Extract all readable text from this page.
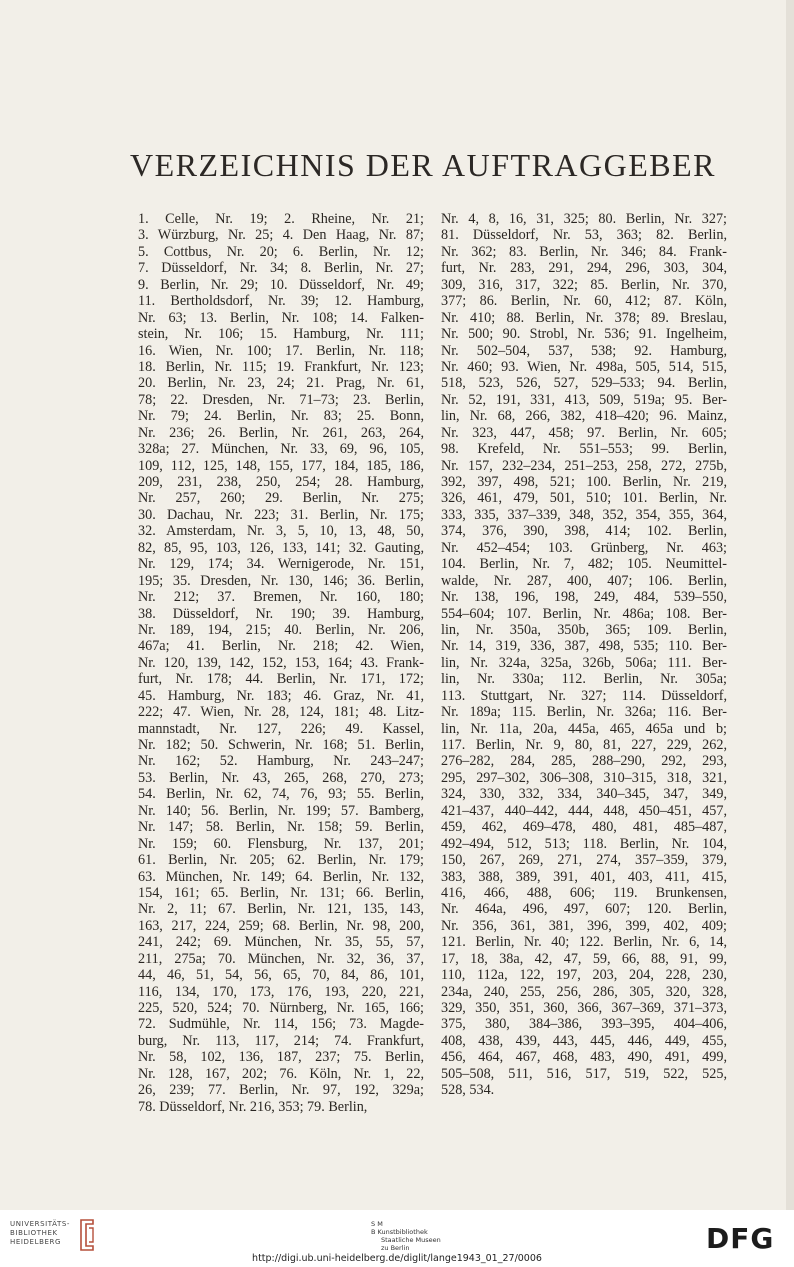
VERZEICHNIS DER AUFTRAGGEBER
1. Celle, Nr. 19; 2. Rheine, Nr. 21;
3. Würzburg, Nr. 25; 4. Den Haag, Nr. 87;
5. Cottbus, Nr. 20; 6. Berlin, Nr. 12;
7. Düsseldorf, Nr. 34; 8. Berlin, Nr. 27;
9. Berlin, Nr. 29; 10. Düsseldorf, Nr. 49;
11. Bertholdsdorf, Nr. 39; 12. Hamburg,
Nr. 63; 13. Berlin, Nr. 108; 14. Falken-
stein, Nr. 106; 15. Hamburg, Nr. 111;
16. Wien, Nr. 100; 17. Berlin, Nr. 118;
18. Berlin, Nr. 115; 19. Frankfurt, Nr. 123;
20. Berlin, Nr. 23, 24; 21. Prag, Nr. 61,
78; 22. Dresden, Nr. 71–73; 23. Berlin,
Nr. 79; 24. Berlin, Nr. 83; 25. Bonn,
Nr. 236; 26. Berlin, Nr. 261, 263, 264,
328a; 27. München, Nr. 33, 69, 96, 105,
109, 112, 125, 148, 155, 177, 184, 185, 186,
209, 231, 238, 250, 254; 28. Hamburg,
Nr. 257, 260; 29. Berlin, Nr. 275;
30. Dachau, Nr. 223; 31. Berlin, Nr. 175;
32. Amsterdam, Nr. 3, 5, 10, 13, 48, 50,
82, 85, 95, 103, 126, 133, 141; 32. Gauting,
Nr. 129, 174; 34. Wernigerode, Nr. 151,
195; 35. Dresden, Nr. 130, 146; 36. Berlin,
Nr. 212; 37. Bremen, Nr. 160, 180;
38. Düsseldorf, Nr. 190; 39. Hamburg,
Nr. 189, 194, 215; 40. Berlin, Nr. 206,
467a; 41. Berlin, Nr. 218; 42. Wien,
Nr. 120, 139, 142, 152, 153, 164; 43. Frank-
furt, Nr. 178; 44. Berlin, Nr. 171, 172;
45. Hamburg, Nr. 183; 46. Graz, Nr. 41,
222; 47. Wien, Nr. 28, 124, 181; 48. Litz-
mannstadt, Nr. 127, 226; 49. Kassel,
Nr. 182; 50. Schwerin, Nr. 168; 51. Berlin,
Nr. 162; 52. Hamburg, Nr. 243–247;
53. Berlin, Nr. 43, 265, 268, 270, 273;
54. Berlin, Nr. 62, 74, 76, 93; 55. Berlin,
Nr. 140; 56. Berlin, Nr. 199; 57. Bamberg,
Nr. 147; 58. Berlin, Nr. 158; 59. Berlin,
Nr. 159; 60. Flensburg, Nr. 137, 201;
61. Berlin, Nr. 205; 62. Berlin, Nr. 179;
63. München, Nr. 149; 64. Berlin, Nr. 132,
154, 161; 65. Berlin, Nr. 131; 66. Berlin,
Nr. 2, 11; 67. Berlin, Nr. 121, 135, 143,
163, 217, 224, 259; 68. Berlin, Nr. 98, 200,
241, 242; 69. München, Nr. 35, 55, 57,
211, 275a; 70. München, Nr. 32, 36, 37,
44, 46, 51, 54, 56, 65, 70, 84, 86, 101,
116, 134, 170, 173, 176, 193, 220, 221,
225, 520, 524; 70. Nürnberg, Nr. 165, 166;
72. Sudmühle, Nr. 114, 156; 73. Magde-
burg, Nr. 113, 117, 214; 74. Frankfurt,
Nr. 58, 102, 136, 187, 237; 75. Berlin,
Nr. 128, 167, 202; 76. Köln, Nr. 1, 22,
26, 239; 77. Berlin, Nr. 97, 192, 329a;
78. Düsseldorf, Nr. 216, 353; 79. Berlin,
Nr. 4, 8, 16, 31, 325; 80. Berlin, Nr. 327;
81. Düsseldorf, Nr. 53, 363; 82. Berlin,
Nr. 362; 83. Berlin, Nr. 346; 84. Frank-
furt, Nr. 283, 291, 294, 296, 303, 304,
309, 316, 317, 322; 85. Berlin, Nr. 370,
377; 86. Berlin, Nr. 60, 412; 87. Köln,
Nr. 410; 88. Berlin, Nr. 378; 89. Breslau,
Nr. 500; 90. Strobl, Nr. 536; 91. Ingelheim,
Nr. 502–504, 537, 538; 92. Hamburg,
Nr. 460; 93. Wien, Nr. 498a, 505, 514, 515,
518, 523, 526, 527, 529–533; 94. Berlin,
Nr. 52, 191, 331, 413, 509, 519a; 95. Ber-
lin, Nr. 68, 266, 382, 418–420; 96. Mainz,
Nr. 323, 447, 458; 97. Berlin, Nr. 605;
98. Krefeld, Nr. 551–553; 99. Berlin,
Nr. 157, 232–234, 251–253, 258, 272, 275b,
392, 397, 498, 521; 100. Berlin, Nr. 219,
326, 461, 479, 501, 510; 101. Berlin, Nr.
333, 335, 337–339, 348, 352, 354, 355, 364,
374, 376, 390, 398, 414; 102. Berlin,
Nr. 452–454; 103. Grünberg, Nr. 463;
104. Berlin, Nr. 7, 482; 105. Neumittel-
walde, Nr. 287, 400, 407; 106. Berlin,
Nr. 138, 196, 198, 249, 484, 539–550,
554–604; 107. Berlin, Nr. 486a; 108. Ber-
lin, Nr. 350a, 350b, 365; 109. Berlin,
Nr. 14, 319, 336, 387, 498, 535; 110. Ber-
lin, Nr. 324a, 325a, 326b, 506a; 111. Ber-
lin, Nr. 330a; 112. Berlin, Nr. 305a;
113. Stuttgart, Nr. 327; 114. Düsseldorf,
Nr. 189a; 115. Berlin, Nr. 326a; 116. Ber-
lin, Nr. 11a, 20a, 445a, 465, 465a und b;
117. Berlin, Nr. 9, 80, 81, 227, 229, 262,
276–282, 284, 285, 288–290, 292, 293,
295, 297–302, 306–308, 310–315, 318, 321,
324, 330, 332, 334, 340–345, 347, 349,
421–437, 440–442, 444, 448, 450–451, 457,
459, 462, 469–478, 480, 481, 485–487,
492–494, 512, 513; 118. Berlin, Nr. 104,
150, 267, 269, 271, 274, 357–359, 379,
383, 388, 389, 391, 401, 403, 411, 415,
416, 466, 488, 606; 119. Brunkensen,
Nr. 464a, 496, 497, 607; 120. Berlin,
Nr. 356, 361, 381, 396, 399, 402, 409;
121. Berlin, Nr. 40; 122. Berlin, Nr. 6, 14,
17, 18, 38a, 42, 47, 59, 66, 88, 91, 99,
110, 112a, 122, 197, 203, 204, 228, 230,
234a, 240, 255, 256, 286, 305, 320, 328,
329, 350, 351, 360, 366, 367–369, 371–373,
375, 380, 384–386, 393–395, 404–406,
408, 438, 439, 443, 445, 446, 449, 455,
456, 464, 467, 468, 483, 490, 491, 499,
505–508, 511, 516, 517, 519, 522, 525,
528, 534.
UNIVERSITÄTS-
BIBLIOTHEK
HEIDELBERG
S M
B Kunstbibliothek
Staatliche Museen
zu Berlin	DFG
http://digi.ub.uni-heidelberg.de/diglit/lange1943_01_27/0006
